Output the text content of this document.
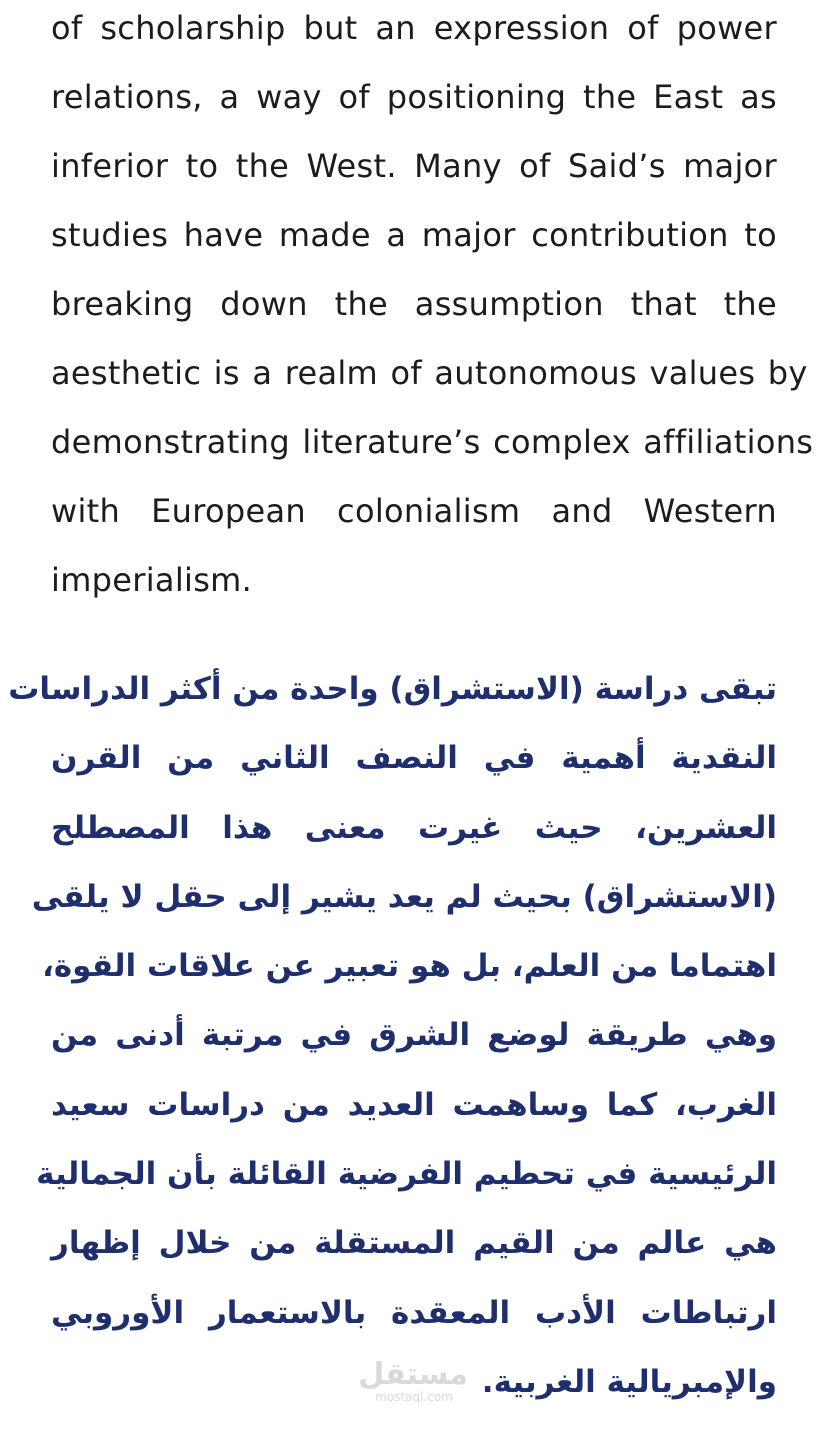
of scholarship but an expression of power
relations, a way of positioning the East as
inferior to the West. Many of Said’s major
studies have made a major contribution to
breaking down the assumption that the
aesthetic is a realm of autonomous values by
demonstrating literature’s complex affiliations
with European colonialism and Western
imperialism.
تبقى دراسة (الاستشراق) واحدة من أكثر الدراسات
النقدية أهمية في النصف الثاني من القرن
العشرين، حيث غيرت معنى هذا المصطلح
(الاستشراق) بحيث لم يعد يشير إلى حقل لا يلقى
اهتماما من العلم، بل هو تعبير عن علاقات القوة،
وهي طريقة لوضع الشرق في مرتبة أدنى من
الغرب، كما وساهمت العديد من دراسات سعيد
الرئيسية في تحطيم الفرضية القائلة بأن الجمالية
هي عالم من القيم المستقلة من خلال إظهار
ارتباطات الأدب المعقدة بالاستعمار الأوروبي
والإمبريالية الغربية.
مستقل
mostaql.com
